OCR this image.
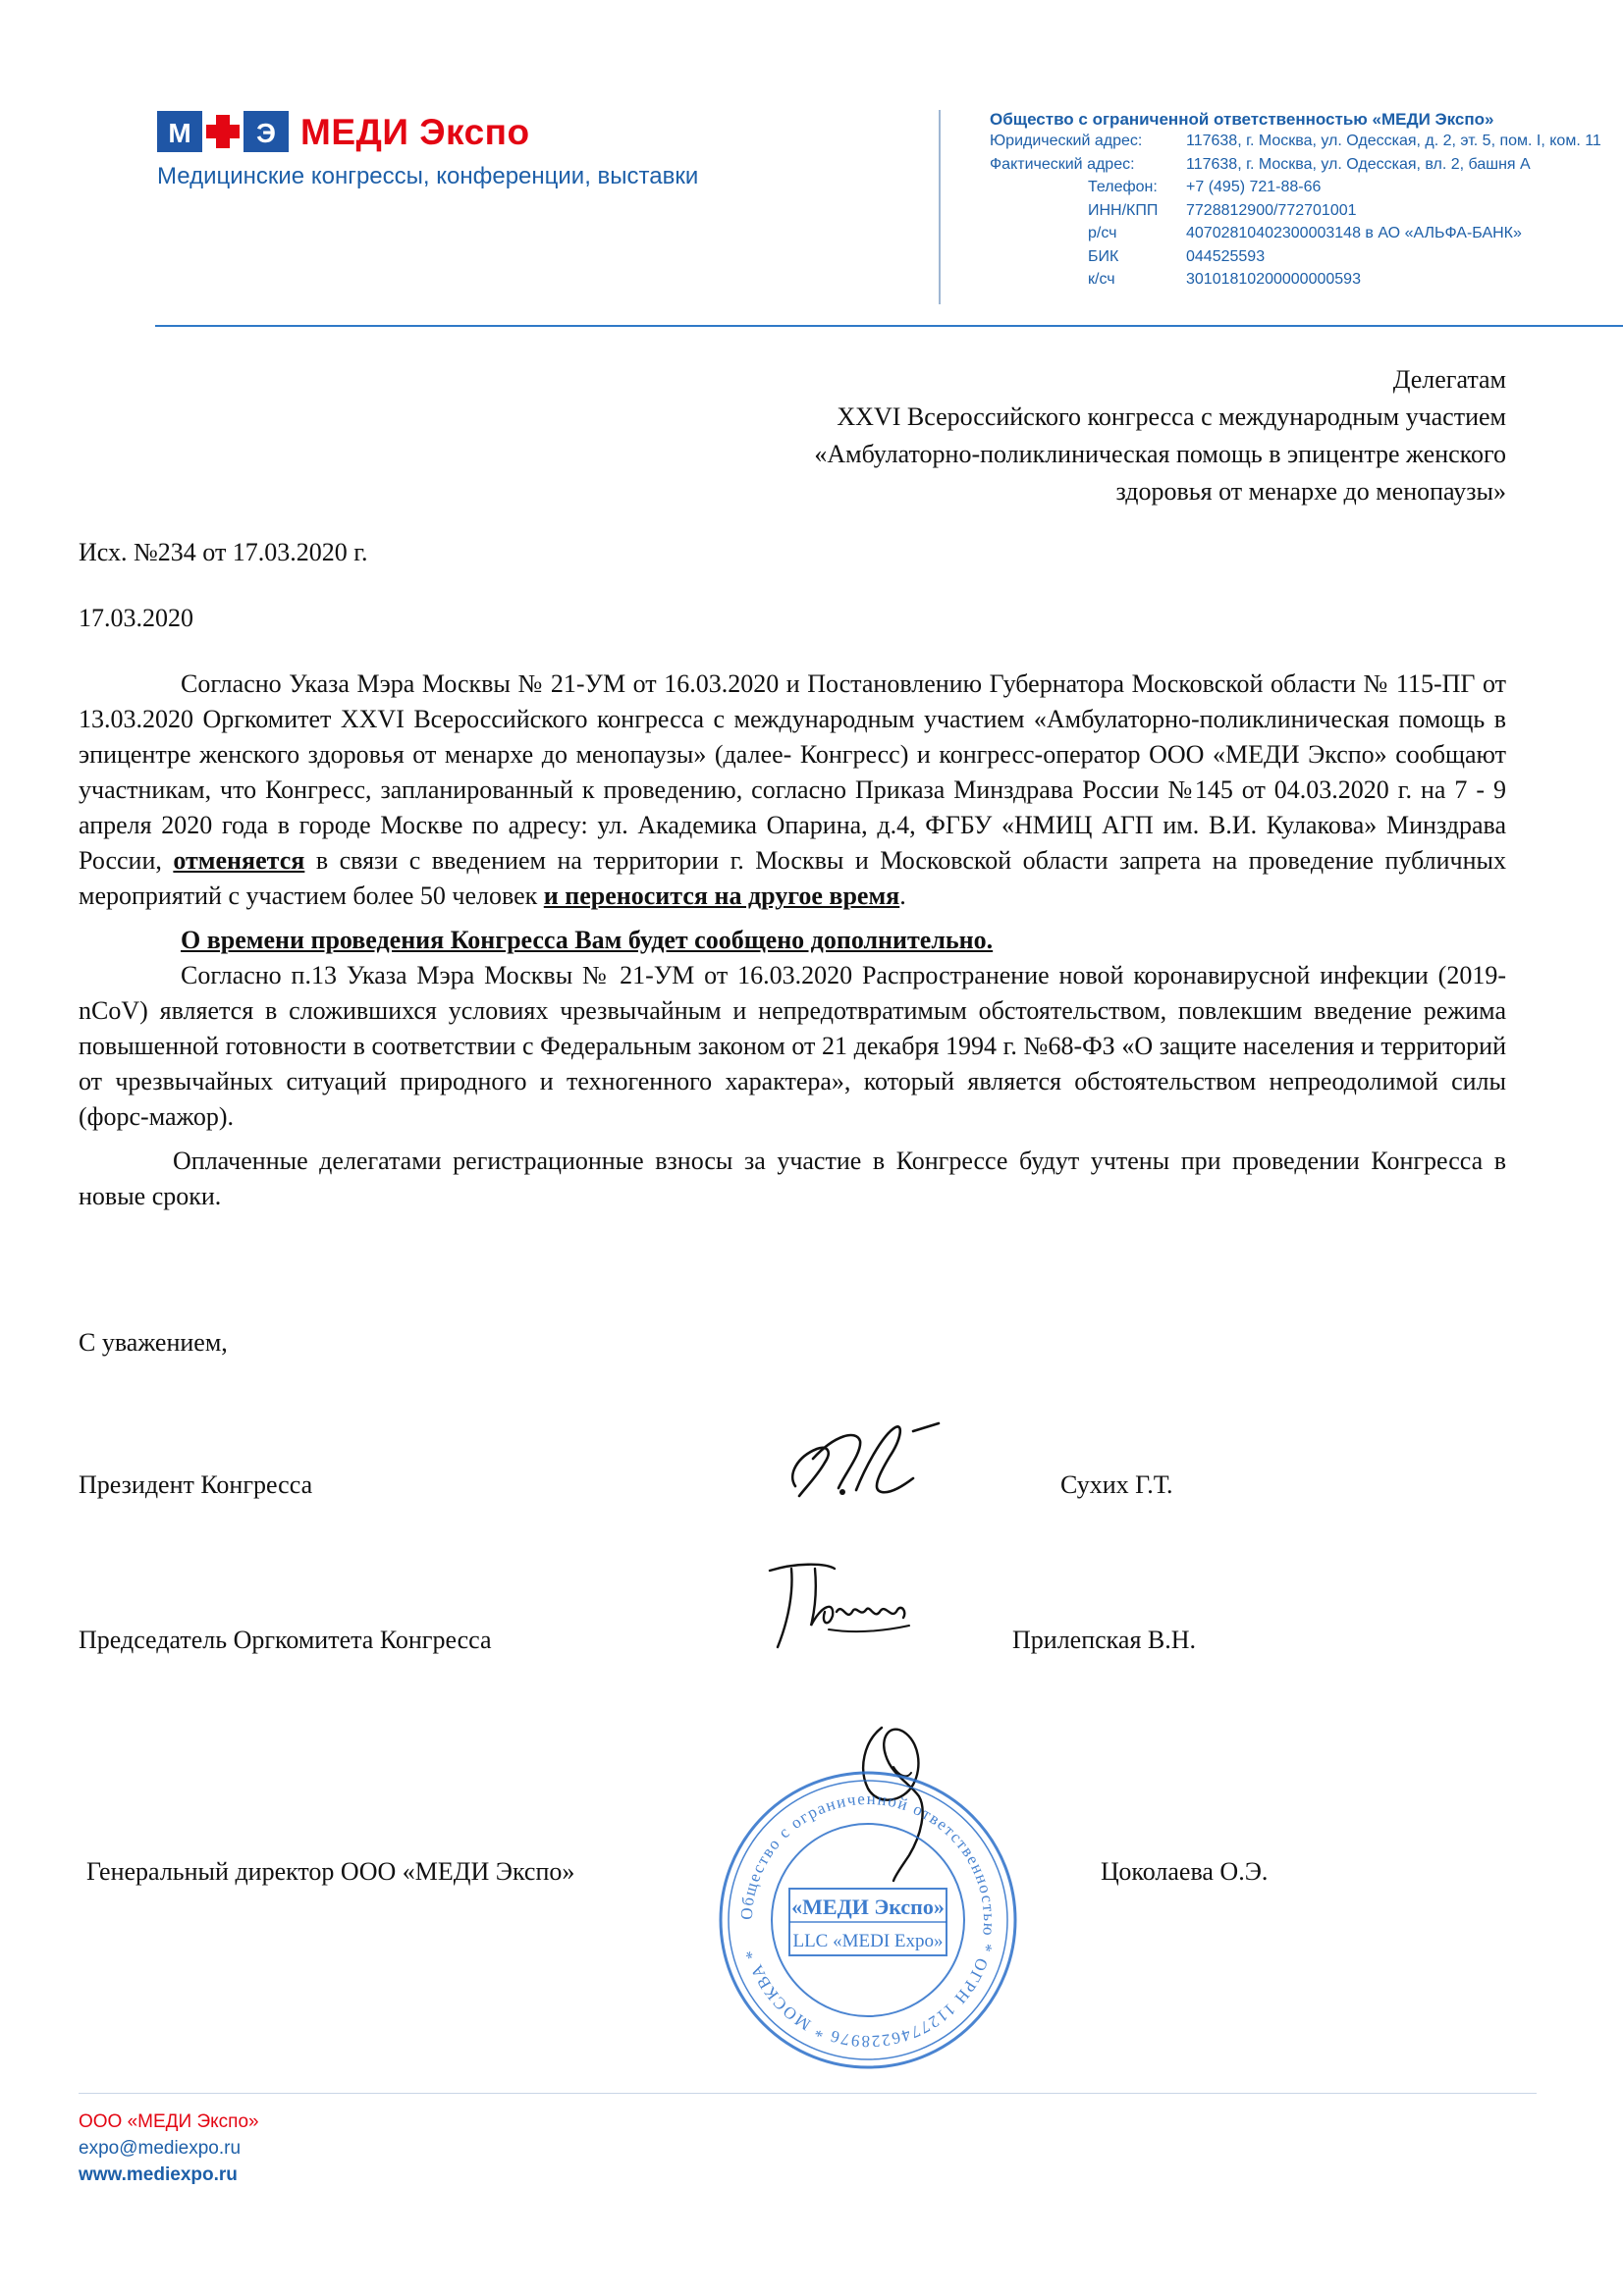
М Э МЕДИ Экспо
Медицинские конгрессы, конференции, выставки
Общество с ограниченной ответственностью «МЕДИ Экспо»
Юридический адрес:	117638, г. Москва, ул. Одесская, д. 2, эт. 5, пом. I, ком. 11
Фактический адрес:	117638, г. Москва, ул. Одесская, вл. 2, башня А
Телефон: +7 (495) 721-88-66
ИНН/КПП 7728812900/772701001
р/сч	40702810402300003148 в АО «АЛЬФА-БАНК»
БИК	044525593
к/сч	30101810200000000593
Делегатам
XXVI Всероссийского конгресса с международным участием
«Амбулаторно-поликлиническая помощь в эпицентре женского
здоровья от менархе до менопаузы»
Исх. №234 от 17.03.2020 г.
17.03.2020

Согласно Указа Мэра Москвы № 21-УМ от 16.03.2020 и Постановлению Губернатора Московской области № 115-ПГ от 13.03.2020 Оргкомитет XXVI Всероссийского конгресса с международным участием «Амбулаторно-поликлиническая помощь в эпицентре женского здоровья от менархе до менопаузы» (далее- Конгресс) и конгресс-оператор ООО «МЕДИ Экспо» сообщают участникам, что Конгресс, запланированный к проведению, согласно Приказа Минздрава России №145 от 04.03.2020 г. на 7 - 9 апреля 2020 года в городе Москве по адресу: ул. Академика Опарина, д.4, ФГБУ «НМИЦ АГП им. В.И. Кулакова» Минздрава России, отменяется в связи с введением на территории г. Москвы и Московской области запрета на проведение публичных мероприятий с участием более 50 человек и переносится на другое время.

О времени проведения Конгресса Вам будет сообщено дополнительно.

Согласно п.13 Указа Мэра Москвы № 21-УМ от 16.03.2020 Распространение новой коронавирусной инфекции (2019-nCoV) является в сложившихся условиях чрезвычайным и непредотвратимым обстоятельством, повлекшим введение режима повышенной готовности в соответствии с Федеральным законом от 21 декабря 1994 г. №68-ФЗ «О защите населения и территорий от чрезвычайных ситуаций природного и техногенного характера», который является обстоятельством непреодолимой силы (форс-мажор).

Оплаченные делегатами регистрационные взносы за участие в Конгрессе будут учтены при проведении Конгресса в новые сроки.

С уважением,
Президент Конгресса	Сухих Г.Т.
Председатель Оргкомитета Конгресса	Прилепская В.Н.
Генеральный директор ООО «МЕДИ Экспо»	Цоколаева О.Э.
Общество с ограниченной ответственностью * ОГРН 1127746228976 * МОСКВА *
«МЕДИ Экспо»
LLC «MEDI Expo»
ООО «МЕДИ Экспо»
expo@mediexpo.ru
www.mediexpo.ru
